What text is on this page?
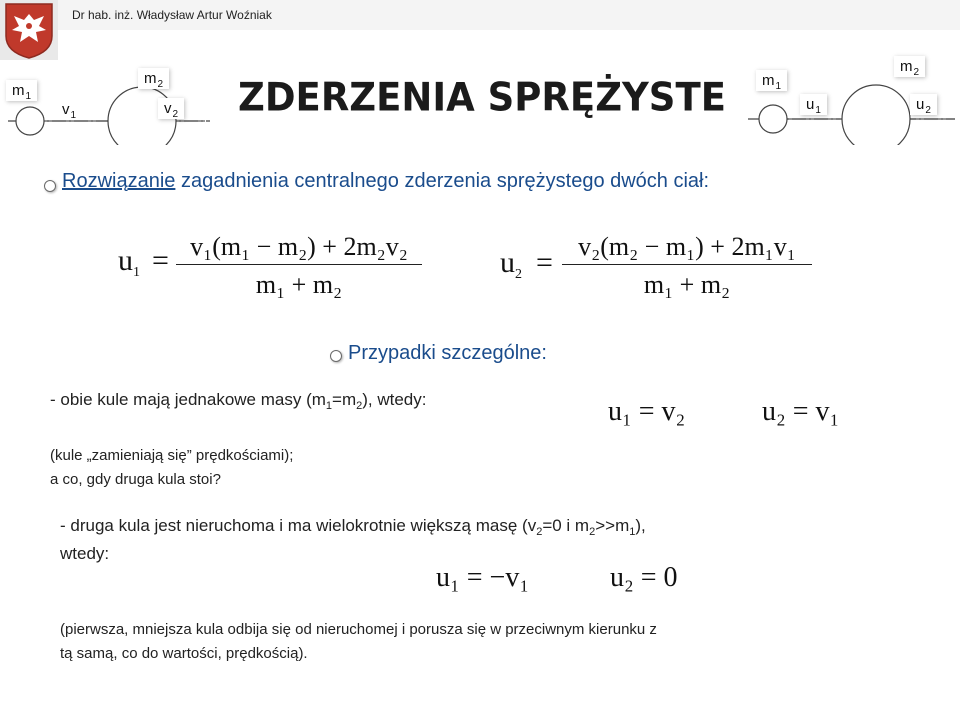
Dr hab. inż. Władysław Artur Woźniak
$m_1$
$v_1$
$m_2$
$v_2$ ZDERZENIA SPRĘŻYSTE	$m_1$
$u_1$
$m_2$
$u_2$
Rozwiązanie zagadnienia centralnego zderzenia sprężystego dwóch ciał:
$u_1 = v_1(m_1 - m_2) + 2m_2v_2$
m₁ + m₂
$u_2 = v_2(m_2 - m_1) + 2m_1v_1$
m₁ + m₂
Przypadki szczególne:
- obie kule mają jednakowe masy $(m_1=m_2)$, wtedy:	u₁ = v₂	u₂ = v₁
(kule „zamieniają się” prędkościami);
a co, gdy druga kula stoi?
- druga kula jest nieruchoma i ma wielokrotnie większą masę ($v_2=0$ i $m_2>>m_1$),
wtedy:
u₁ = −v₁	u₂ = 0
(pierwsza, mniejsza kula odbija się od nieruchomej i porusza się w przeciwnym kierunku z
tą samą, co do wartości, prędkością).
